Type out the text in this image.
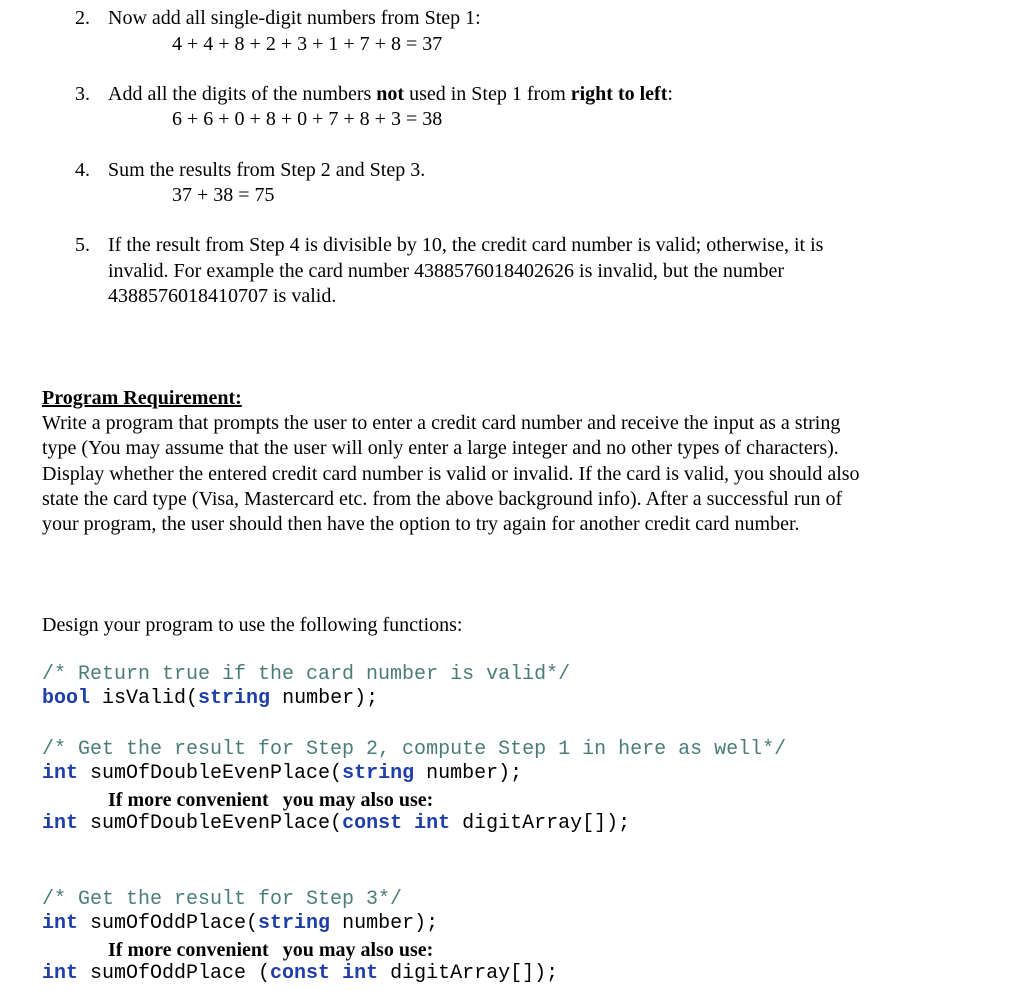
2. Now add all single-digit numbers from Step 1:
4 + 4 + 8 + 2 + 3 + 1 + 7 + 8 = 37
3. Add all the digits of the numbers not used in Step 1 from right to left:
6 + 6 + 0 + 8 + 0 + 7 + 8 + 3 = 38
4. Sum the results from Step 2 and Step 3.
37 + 38 = 75
5. If the result from Step 4 is divisible by 10, the credit card number is valid; otherwise, it is
invalid. For example the card number 4388576018402626 is invalid, but the number
4388576018410707 is valid.
Program Requirement:
Write a program that prompts the user to enter a credit card number and receive the input as a string
type (You may assume that the user will only enter a large integer and no other types of characters).
Display whether the entered credit card number is valid or invalid. If the card is valid, you should also
state the card type (Visa, Mastercard etc. from the above background info). After a successful run of
your program, the user should then have the option to try again for another credit card number.
Design your program to use the following functions:
/* Return true if the card number is valid*/
bool isValid(string number);
/* Get the result for Step 2, compute Step 1 in here as well*/
int sumOfDoubleEvenPlace(string number);
If more convenient you may also use:
int sumOfDoubleEvenPlace(const int digitArray[]);
/* Get the result for Step 3*/
int sumOfOddPlace(string number);
If more convenient you may also use:
int sumOfOddPlace (const int digitArray[]);
